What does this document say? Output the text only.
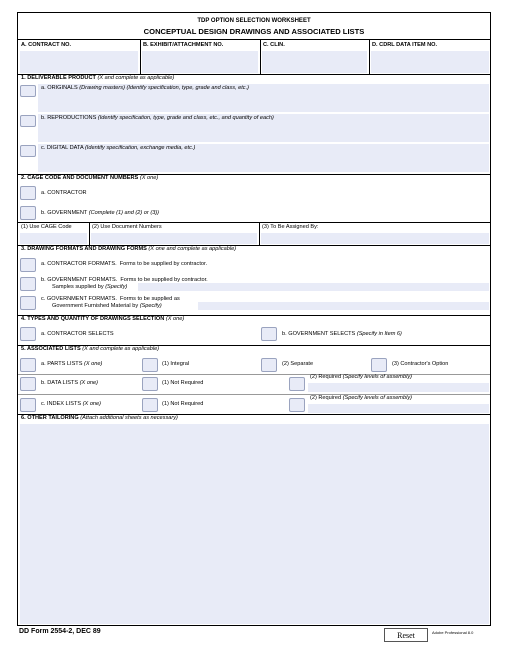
TDP OPTION SELECTION WORKSHEET
CONCEPTUAL DESIGN DRAWINGS AND ASSOCIATED LISTS
A. CONTRACT NO.	B. EXHIBIT/ATTACHMENT NO.	C. CLIN.	D. CDRL DATA ITEM NO.
1. DELIVERABLE PRODUCT (X and complete as applicable)
a. ORIGINALS (Drawing masters) (Identify specification, type, grade and class, etc.)
b. REPRODUCTIONS (Identify specification, type, grade and class, etc., and quantity of each)
c. DIGITAL DATA (Identify specification, exchange media, etc.)
2. CAGE CODE AND DOCUMENT NUMBERS (X one)
a. CONTRACTOR
b. GOVERNMENT (Complete (1) and (2) or (3))
(1) Use CAGE Code	(2) Use Document Numbers	(3) To Be Assigned By:
3. DRAWING FORMATS AND DRAWING FORMS (X one and complete as applicable)
a. CONTRACTOR FORMATS. Forms to be supplied by contractor.
b. GOVERNMENT FORMATS. Forms to be supplied by contractor.
Samples supplied by (Specify)
c. GOVERNMENT FORMATS. Forms to be supplied as
Government Furnished Material by (Specify)
4. TYPES AND QUANTITY OF DRAWINGS SELECTION (X one)
a. CONTRACTOR SELECTS	b. GOVERNMENT SELECTS (Specify in Item 6)
5. ASSOCIATED LISTS (X and complete as applicable)
a. PARTS LISTS (X one)	(1) Integral	(2) Separate	(3) Contractor's Option
b. DATA LISTS (X one)	(1) Not Required
(2) Required (Specify levels of assembly)
c. INDEX LISTS (X one)	(1) Not Required
(2) Required (Specify levels of assembly)
6. OTHER TAILORING (Attach additional sheets as necessary)
DD Form 2554-2, DEC 89	Reset	Adobe Professional 8.0
